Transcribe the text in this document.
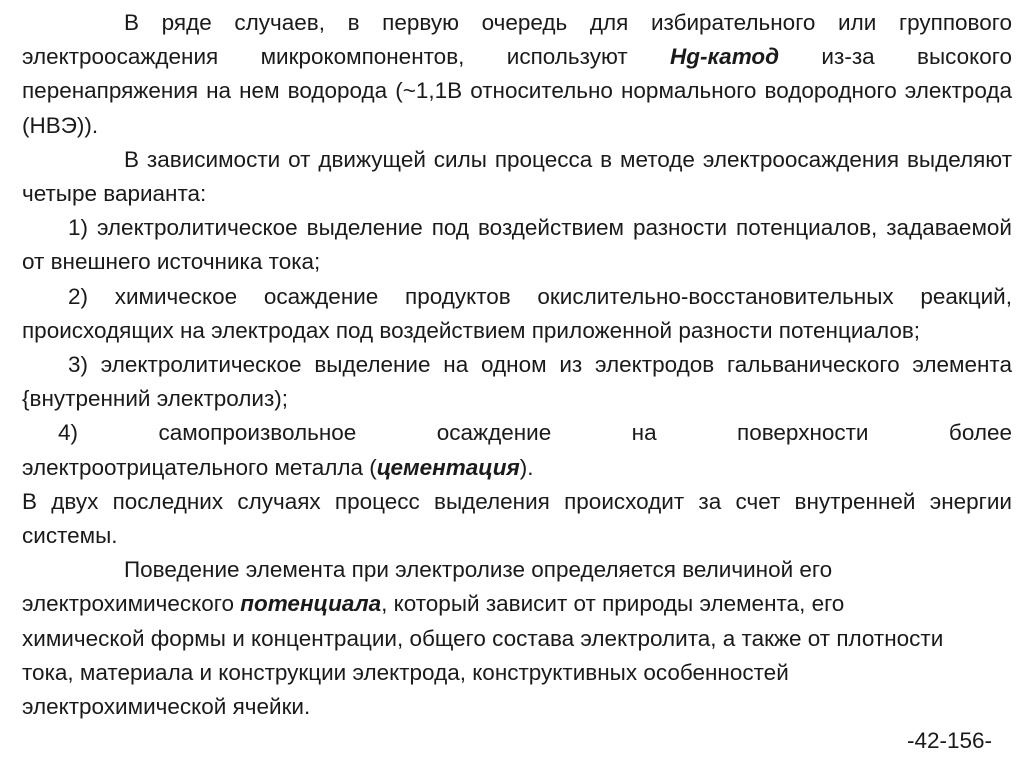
В ряде случаев, в первую очередь для избирательного или группового электроосаждения микрокомпонентов, используют Hg-катод из-за высокого перенапряжения на нем водорода (~1,1В относительно нормального водородного электрода (НВЭ)).

В зависимости от движущей силы процесса в методе электроосаждения выделяют четыре варианта:

1) электролитическое выделение под воздействием разности потенциалов, задаваемой от внешнего источника тока;

2) химическое осаждение продуктов окислительно-восстановительных реакций, происходящих на электродах под воздействием приложенной разности потенциалов;

3) электролитическое выделение на одном из электродов гальванического элемента {внутренний электролиз);

4) самопроизвольное осаждение на поверхности более

электроотрицательного металла (цементация).

В двух последних случаях процесс выделения происходит за счет внутренней энергии системы.

Поведение элемента при электролизе определяется величиной его электрохимического потенциала, который зависит от природы элемента, его химической формы и концентрации, общего состава электролита, а также от плотности тока, материала и конструкции электрода, конструктивных особенностей электрохимической ячейки.

-42-156-
